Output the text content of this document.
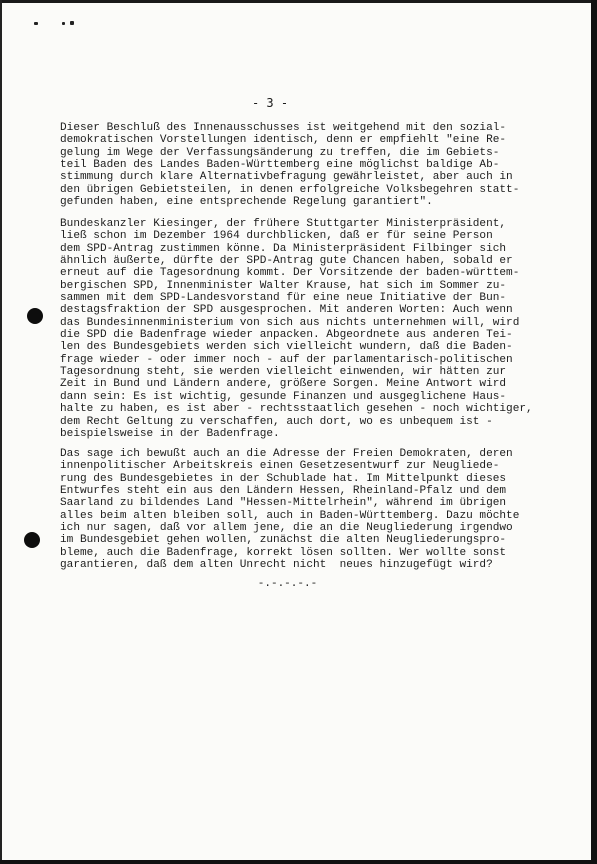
- 3 -
Dieser Beschluß des Innenausschusses ist weitgehend mit den sozial-
demokratischen Vorstellungen identisch, denn er empfiehlt "eine Re-
gelung im Wege der Verfassungsänderung zu treffen, die im Gebiets-
teil Baden des Landes Baden-Württemberg eine möglichst baldige Ab-
stimmung durch klare Alternativbefragung gewährleistet, aber auch in
den übrigen Gebietsteilen, in denen erfolgreiche Volksbegehren statt-
gefunden haben, eine entsprechende Regelung garantiert".
Bundeskanzler Kiesinger, der frühere Stuttgarter Ministerpräsident,
ließ schon im Dezember 1964 durchblicken, daß er für seine Person
dem SPD-Antrag zustimmen könne. Da Ministerpräsident Filbinger sich
ähnlich äußerte, dürfte der SPD-Antrag gute Chancen haben, sobald er
erneut auf die Tagesordnung kommt. Der Vorsitzende der baden-württem-
bergischen SPD, Innenminister Walter Krause, hat sich im Sommer zu-
sammen mit dem SPD-Landesvorstand für eine neue Initiative der Bun-
destagsfraktion der SPD ausgesprochen. Mit anderen Worten: Auch wenn
das Bundesinnenministerium von sich aus nichts unternehmen will, wird
die SPD die Badenfrage wieder anpacken. Abgeordnete aus anderen Tei-
len des Bundesgebiets werden sich vielleicht wundern, daß die Baden-
frage wieder - oder immer noch - auf der parlamentarisch-politischen
Tagesordnung steht, sie werden vielleicht einwenden, wir hätten zur
Zeit in Bund und Ländern andere, größere Sorgen. Meine Antwort wird
dann sein: Es ist wichtig, gesunde Finanzen und ausgeglichene Haus-
halte zu haben, es ist aber - rechtsstaatlich gesehen - noch wichtiger,
dem Recht Geltung zu verschaffen, auch dort, wo es unbequem ist -
beispielsweise in der Badenfrage.
Das sage ich bewußt auch an die Adresse der Freien Demokraten, deren
innenpolitischer Arbeitskreis einen Gesetzesentwurf zur Neugliede-
rung des Bundesgebietes in der Schublade hat. Im Mittelpunkt dieses
Entwurfes steht ein aus den Ländern Hessen, Rheinland-Pfalz und dem
Saarland zu bildendes Land "Hessen-Mittelrhein", während im übrigen
alles beim alten bleiben soll, auch in Baden-Württemberg. Dazu möchte
ich nur sagen, daß vor allem jene, die an die Neugliederung irgendwo
im Bundesgebiet gehen wollen, zunächst die alten Neugliederungspro-
bleme, auch die Badenfrage, korrekt lösen sollten. Wer wollte sonst
garantieren, daß dem alten Unrecht nicht  neues hinzugefügt wird?
-.-.-.-.-
